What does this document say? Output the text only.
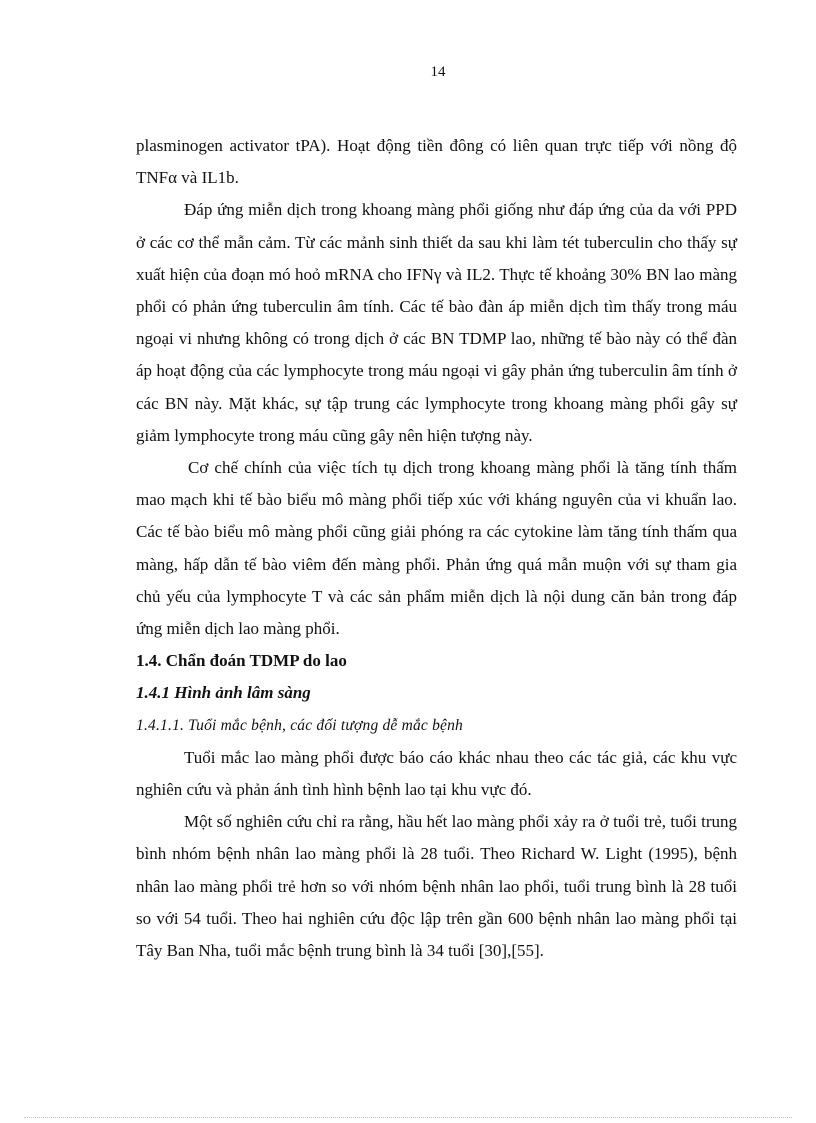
14

plasminogen activator tPA). Hoạt động tiền đông có liên quan trực tiếp với nồng độ TNFα và IL1b.

Đáp ứng miễn dịch trong khoang màng phổi giống như đáp ứng của da với PPD ở các cơ thể mẫn cảm. Từ các mảnh sinh thiết da sau khi làm tét tuberculin cho thấy sự xuất hiện của đoạn mó hoỏ mRNA cho IFNγ và IL2. Thực tế khoảng 30% BN lao màng phổi có phản ứng tuberculin âm tính. Các tế bào đàn áp miễn dịch tìm thấy trong máu ngoại vi nhưng không có trong dịch ở các BN TDMP lao, những tế bào này có thể đàn áp hoạt động của các lymphocyte trong máu ngoại vi gây phản ứng tuberculin âm tính ở các BN này. Mặt khác, sự tập trung các lymphocyte trong khoang màng phổi gây sự giảm lymphocyte trong máu cũng gây nên hiện tượng này.

Cơ chế chính của việc tích tụ dịch trong khoang màng phổi là tăng tính thấm mao mạch khi tế bào biểu mô màng phổi tiếp xúc với kháng nguyên của vi khuẩn lao. Các tế bào biểu mô màng phổi cũng giải phóng ra các cytokine làm tăng tính thấm qua màng, hấp dẫn tế bào viêm đến màng phổi. Phản ứng quá mẫn muộn với sự tham gia chủ yếu của lymphocyte T và các sản phẩm miễn dịch là nội dung căn bản trong đáp ứng miễn dịch lao màng phổi.

1.4. Chẩn đoán TDMP do lao

1.4.1 Hình ảnh lâm sàng

1.4.1.1. Tuổi mắc bệnh, các đối tượng dễ mắc bệnh

Tuổi mắc lao màng phổi được báo cáo khác nhau theo các tác giả, các khu vực nghiên cứu và phản ánh tình hình bệnh lao tại khu vực đó.

Một số nghiên cứu chỉ ra rằng, hầu hết lao màng phổi xảy ra ở tuổi trẻ, tuổi trung bình nhóm bệnh nhân lao màng phổi là 28 tuổi. Theo Richard W. Light (1995), bệnh nhân lao màng phổi trẻ hơn so với nhóm bệnh nhân lao phổi, tuổi trung bình là 28 tuổi so với 54 tuổi. Theo hai nghiên cứu độc lập trên gần 600 bệnh nhân lao màng phổi tại Tây Ban Nha, tuổi mắc bệnh trung bình là 34 tuổi [30],[55].
